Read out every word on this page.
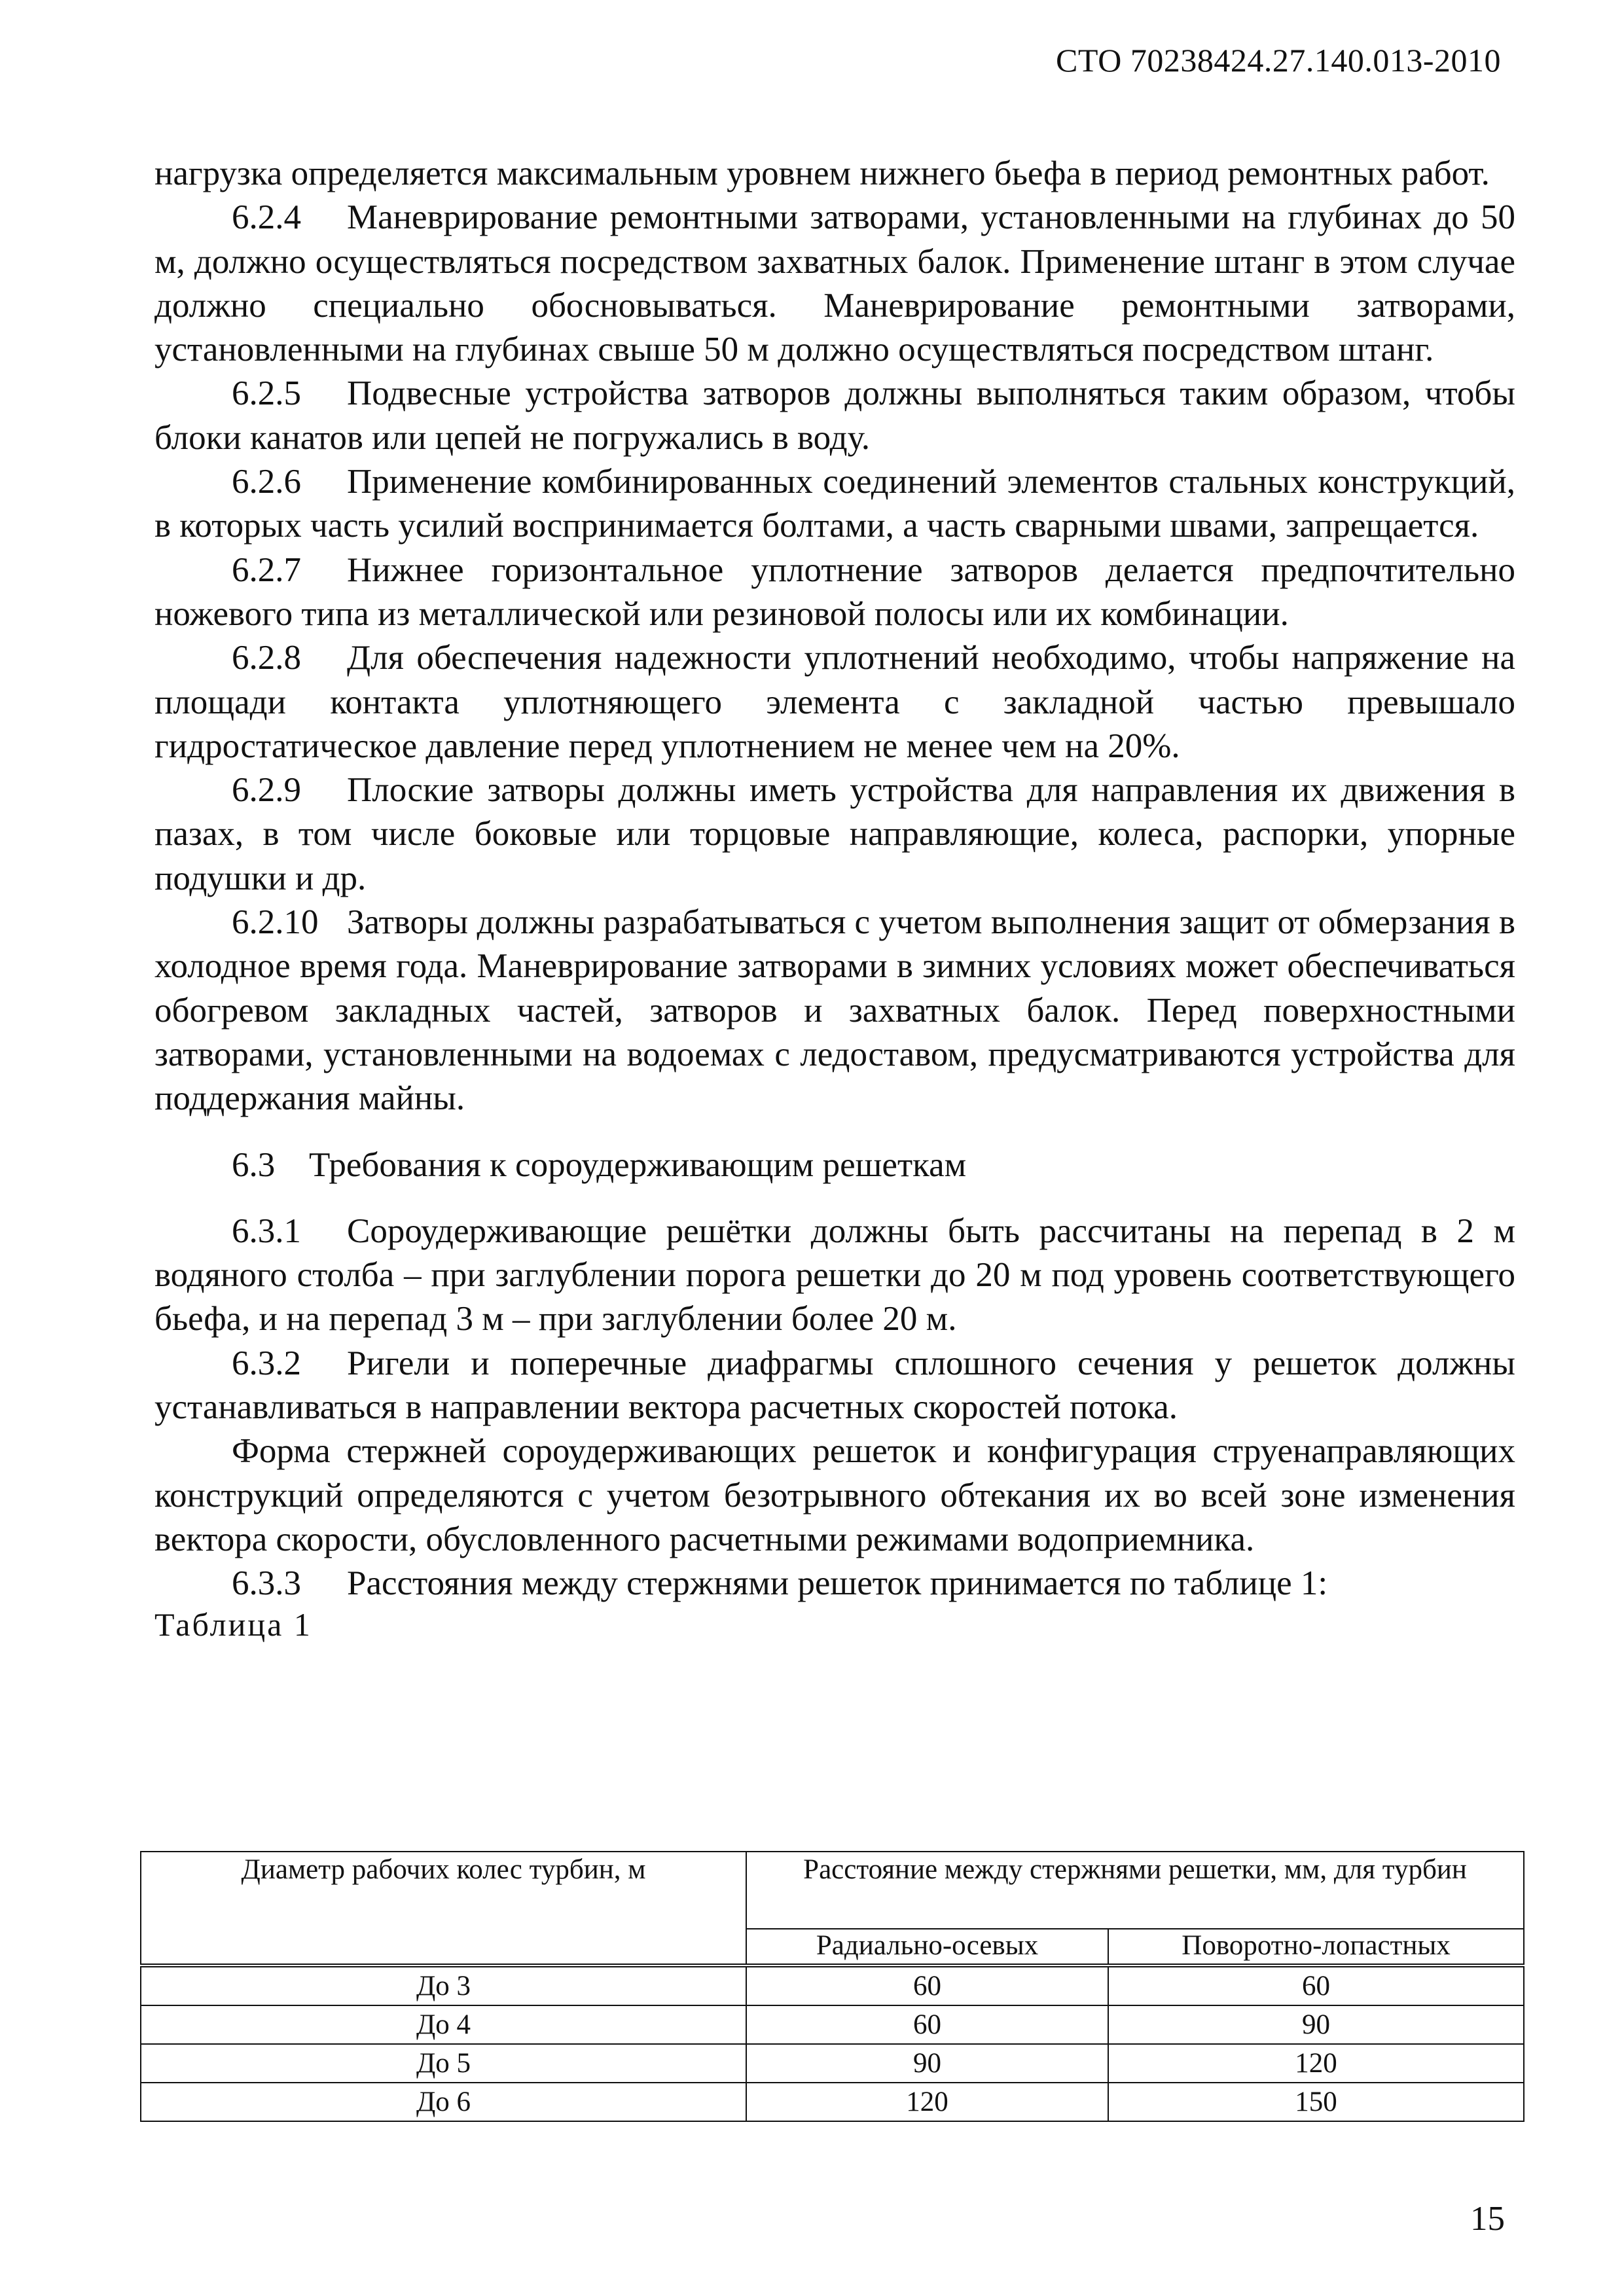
СТО 70238424.27.140.013-2010

нагрузка определяется максимальным уровнем нижнего бьефа в период ремонтных работ.

6.2.4 Маневрирование ремонтными затворами, установленными на глубинах до 50 м, должно осуществляться посредством захватных балок. Применение штанг в этом случае должно специально обосновываться. Маневрирование ремонтными затворами, установленными на глубинах свыше 50 м должно осуществляться посредством штанг.

6.2.5 Подвесные устройства затворов должны выполняться таким образом, чтобы блоки канатов или цепей не погружались в воду.

6.2.6 Применение комбинированных соединений элементов стальных конструкций, в которых часть усилий воспринимается болтами, а часть сварными швами, запрещается.

6.2.7 Нижнее горизонтальное уплотнение затворов делается предпочтительно ножевого типа из металлической или резиновой полосы или их комбинации.

6.2.8 Для обеспечения надежности уплотнений необходимо, чтобы напряжение на площади контакта уплотняющего элемента с закладной частью превышало гидростатическое давление перед уплотнением не менее чем на 20%.

6.2.9 Плоские затворы должны иметь устройства для направления их движения в пазах, в том числе боковые или торцовые направляющие, колеса, распорки, упорные подушки и др.

6.2.10 Затворы должны разрабатываться с учетом выполнения защит от обмерзания в холодное время года. Маневрирование затворами в зимних условиях может обеспечиваться обогревом закладных частей, затворов и захватных балок. Перед поверхностными затворами, установленными на водоемах с ледоставом, предусматриваются устройства для поддержания майны.

6.3 Требования к сороудерживающим решеткам

6.3.1 Сороудерживающие решётки должны быть рассчитаны на перепад в 2 м водяного столба – при заглублении порога решетки до 20 м под уровень соответствующего бьефа, и на перепад 3 м – при заглублении более 20 м.

6.3.2 Ригели и поперечные диафрагмы сплошного сечения у решеток должны устанавливаться в направлении вектора расчетных скоростей потока.

Форма стержней сороудерживающих решеток и конфигурация струенаправляющих конструкций определяются с учетом безотрывного обтекания их во всей зоне изменения вектора скорости, обусловленного расчетными режимами водоприемника.

6.3.3 Расстояния между стержнями решеток принимается по таблице 1:

Таблица 1

Диаметр рабочих колес турбин, м	Расстояние между стержнями решетки, мм, для турбин	
	Радиально-осевых	Поворотно-лопастных
До 3	60	60
До 4	60	90
До 5	90	120
До 6	120	150
15
